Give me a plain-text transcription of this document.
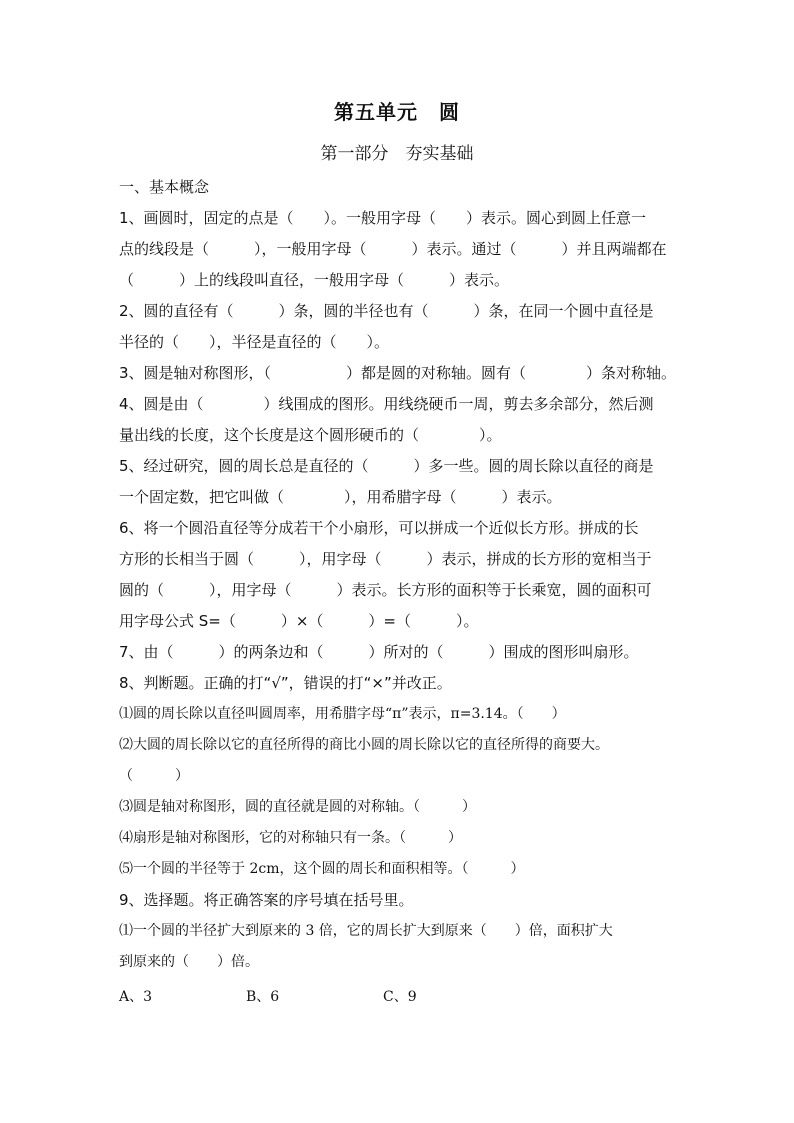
第五单元　圆
第一部分　夯实基础
一、基本概念
1、画圆时，固定的点是（　　）。一般用字母（　　）表示。圆心到圆上任意一
点的线段是（　　　），一般用字母（　　　）表示。通过（　　　）并且两端都在
（　　　）上的线段叫直径，一般用字母（　　　）表示。
2、圆的直径有（　　　）条，圆的半径也有（　　　）条，在同一个圆中直径是
半径的（　　），半径是直径的（　　）。
3、圆是轴对称图形，（　　　　　）都是圆的对称轴。圆有（　　　　）条对称轴。
4、圆是由（　　　　）线围成的图形。用线绕硬币一周，剪去多余部分，然后测
量出线的长度，这个长度是这个圆形硬币的（　　　　）。
5、经过研究，圆的周长总是直径的（　　　）多一些。圆的周长除以直径的商是
一个固定数，把它叫做（　　　　），用希腊字母（　　　）表示。
6、将一个圆沿直径等分成若干个小扇形，可以拼成一个近似长方形。拼成的长
方形的长相当于圆（　　　），用字母（　　　）表示，拼成的长方形的宽相当于
圆的（　　　），用字母（　　　）表示。长方形的面积等于长乘宽，圆的面积可
用字母公式 S=（　　　）×（　　　）=（　　　）。
7、由（　　　）的两条边和（　　　）所对的（　　　）围成的图形叫扇形。
8、判断题。正确的打“√”，错误的打“×”并改正。
⑴圆的周长除以直径叫圆周率，用希腊字母“π”表示，π=3.14。（　　）
⑵大圆的周长除以它的直径所得的商比小圆的周长除以它的直径所得的商要大。
（　　　）
⑶圆是轴对称图形，圆的直径就是圆的对称轴。（　　　）
⑷扇形是轴对称图形，它的对称轴只有一条。（　　　）
⑸一个圆的半径等于 2cm，这个圆的周长和面积相等。（　　　）
9、选择题。将正确答案的序号填在括号里。
⑴一个圆的半径扩大到原来的 3 倍，它的周长扩大到原来（　　）倍，面积扩大
到原来的（　　）倍。
A、3	B、6	C、9
